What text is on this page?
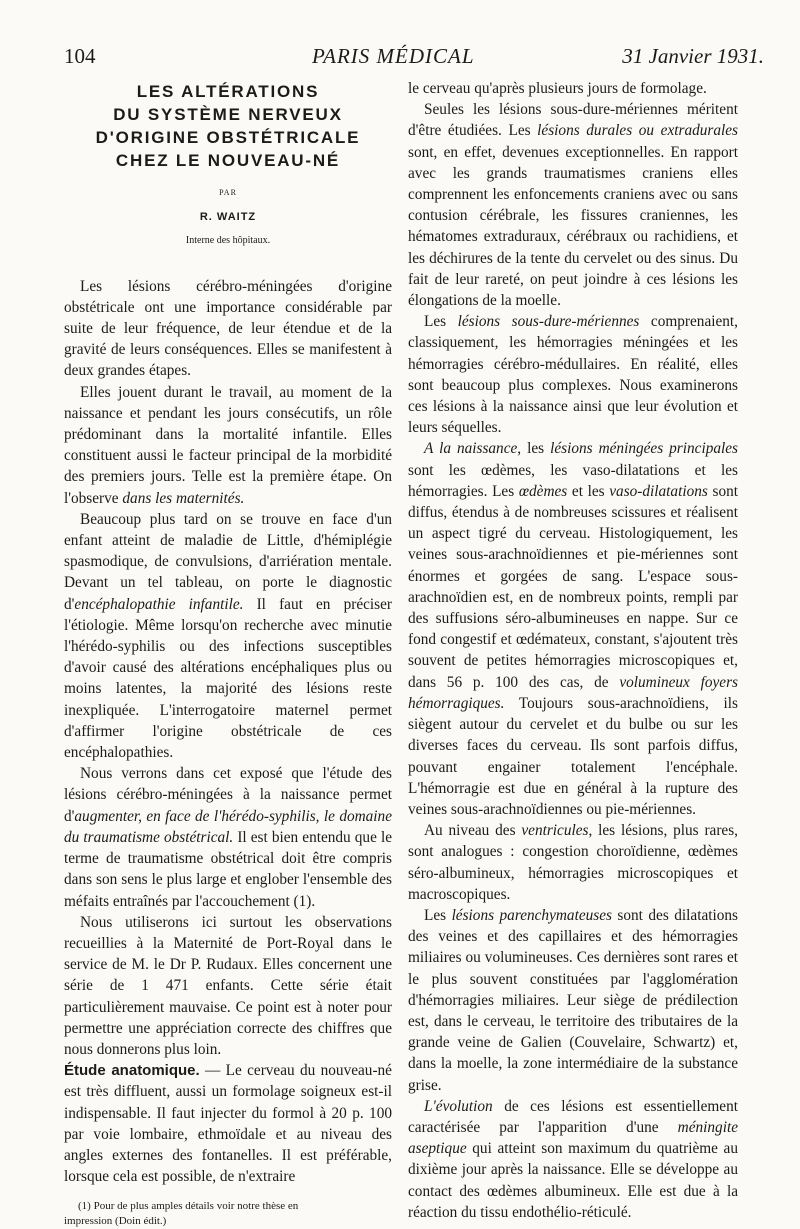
104	PARIS MÉDICAL	31 Janvier 1931.
LES ALTÉRATIONS
DU SYSTÈME NERVEUX
D'ORIGINE OBSTÉTRICALE
CHEZ LE NOUVEAU-NÉ
PAR
R. WAITZ
Interne des hôpitaux.

Les lésions cérébro-méningées d'origine obstétricale ont une importance considérable par suite de leur fréquence, de leur étendue et de la gravité de leurs conséquences. Elles se manifestent à deux grandes étapes.

Elles jouent durant le travail, au moment de la naissance et pendant les jours consécutifs, un rôle prédominant dans la mortalité infantile. Elles constituent aussi le facteur principal de la morbidité des premiers jours. Telle est la première étape. On l'observe dans les maternités.

Beaucoup plus tard on se trouve en face d'un enfant atteint de maladie de Little, d'hémiplégie spasmodique, de convulsions, d'arriération mentale. Devant un tel tableau, on porte le diagnostic d'encéphalopathie infantile. Il faut en préciser l'étiologie. Même lorsqu'on recherche avec minutie l'hérédo-syphilis ou des infections susceptibles d'avoir causé des altérations encéphaliques plus ou moins latentes, la majorité des lésions reste inexpliquée. L'interrogatoire maternel permet d'affirmer l'origine obstétricale de ces encéphalopathies.

Nous verrons dans cet exposé que l'étude des lésions cérébro-méningées à la naissance permet d'augmenter, en face de l'hérédo-syphilis, le domaine du traumatisme obstétrical. Il est bien entendu que le terme de traumatisme obstétrical doit être compris dans son sens le plus large et englober l'ensemble des méfaits entraînés par l'accouchement (1).

Nous utiliserons ici surtout les observations recueillies à la Maternité de Port-Royal dans le service de M. le Dr P. Rudaux. Elles concernent une série de 1 471 enfants. Cette série était particulièrement mauvaise. Ce point est à noter pour permettre une appréciation correcte des chiffres que nous donnerons plus loin.

Étude anatomique. — Le cerveau du nouveau-né est très diffluent, aussi un formolage soigneux est-il indispensable. Il faut injecter du formol à 20 p. 100 par voie lombaire, ethmoïdale et au niveau des angles externes des fontanelles. Il est préférable, lorsque cela est possible, de n'extraire

(1) Pour de plus amples détails voir notre thèse en
impression (Doin édit.)

le cerveau qu'après plusieurs jours de formolage.

Seules les lésions sous-dure-mériennes méritent d'être étudiées. Les lésions durales ou extradurales sont, en effet, devenues exceptionnelles. En rapport avec les grands traumatismes craniens elles comprennent les enfoncements craniens avec ou sans contusion cérébrale, les fissures craniennes, les hématomes extraduraux, cérébraux ou rachidiens, et les déchirures de la tente du cervelet ou des sinus. Du fait de leur rareté, on peut joindre à ces lésions les élongations de la moelle.

Les lésions sous-dure-mériennes comprenaient, classiquement, les hémorragies méningées et les hémorragies cérébro-médullaires. En réalité, elles sont beaucoup plus complexes. Nous examinerons ces lésions à la naissance ainsi que leur évolution et leurs séquelles.

A la naissance, les lésions méningées principales sont les œdèmes, les vaso-dilatations et les hémorragies. Les œdèmes et les vaso-dilatations sont diffus, étendus à de nombreuses scissures et réalisent un aspect tigré du cerveau. Histologiquement, les veines sous-arachnoïdiennes et pie-mériennes sont énormes et gorgées de sang. L'espace sous-arachnoïdien est, en de nombreux points, rempli par des suffusions séro-albumineuses en nappe. Sur ce fond congestif et œdémateux, constant, s'ajoutent très souvent de petites hémorragies microscopiques et, dans 56 p. 100 des cas, de volumineux foyers hémorragiques. Toujours sous-arachnoïdiens, ils siègent autour du cervelet et du bulbe ou sur les diverses faces du cerveau. Ils sont parfois diffus, pouvant engainer totalement l'encéphale. L'hémorragie est due en général à la rupture des veines sous-arachnoïdiennes ou pie-mériennes.

Au niveau des ventricules, les lésions, plus rares, sont analogues : congestion choroïdienne, œdèmes séro-albumineux, hémorragies microscopiques et macroscopiques.

Les lésions parenchymateuses sont des dilatations des veines et des capillaires et des hémorragies miliaires ou volumineuses. Ces dernières sont rares et le plus souvent constituées par l'agglomération d'hémorragies miliaires. Leur siège de prédilection est, dans le cerveau, le territoire des tributaires de la grande veine de Galien (Couvelaire, Schwartz) et, dans la moelle, la zone intermédiaire de la substance grise.

L'évolution de ces lésions est essentiellement caractérisée par l'apparition d'une méningite aseptique qui atteint son maximum du quatrième au dixième jour après la naissance. Elle se développe au contact des œdèmes albumineux. Elle est due à la réaction du tissu endothélio-réticulé.
